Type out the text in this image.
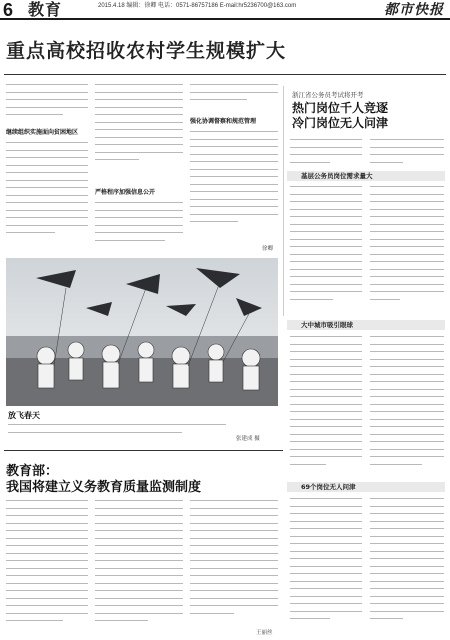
6 教育	2015.4.18 编辑：徐卿 电话：0571-86757186 E-mail:hr5236700@163.com	都市快报
重点高校招收农村学生规模扩大
继续组织实施面向贫困地区
严格程序加强信息公开
强化协调督察和规范管理
徐卿
浙江省公务员考试将开考
热门岗位千人竞逐
冷门岗位无人问津
基层公务员岗位需求量大
大中城市吸引眼球
69个岗位无人问津
放飞春天
张建成 摄
教育部：
我国将建立义务教育质量监测制度
王丽丝
